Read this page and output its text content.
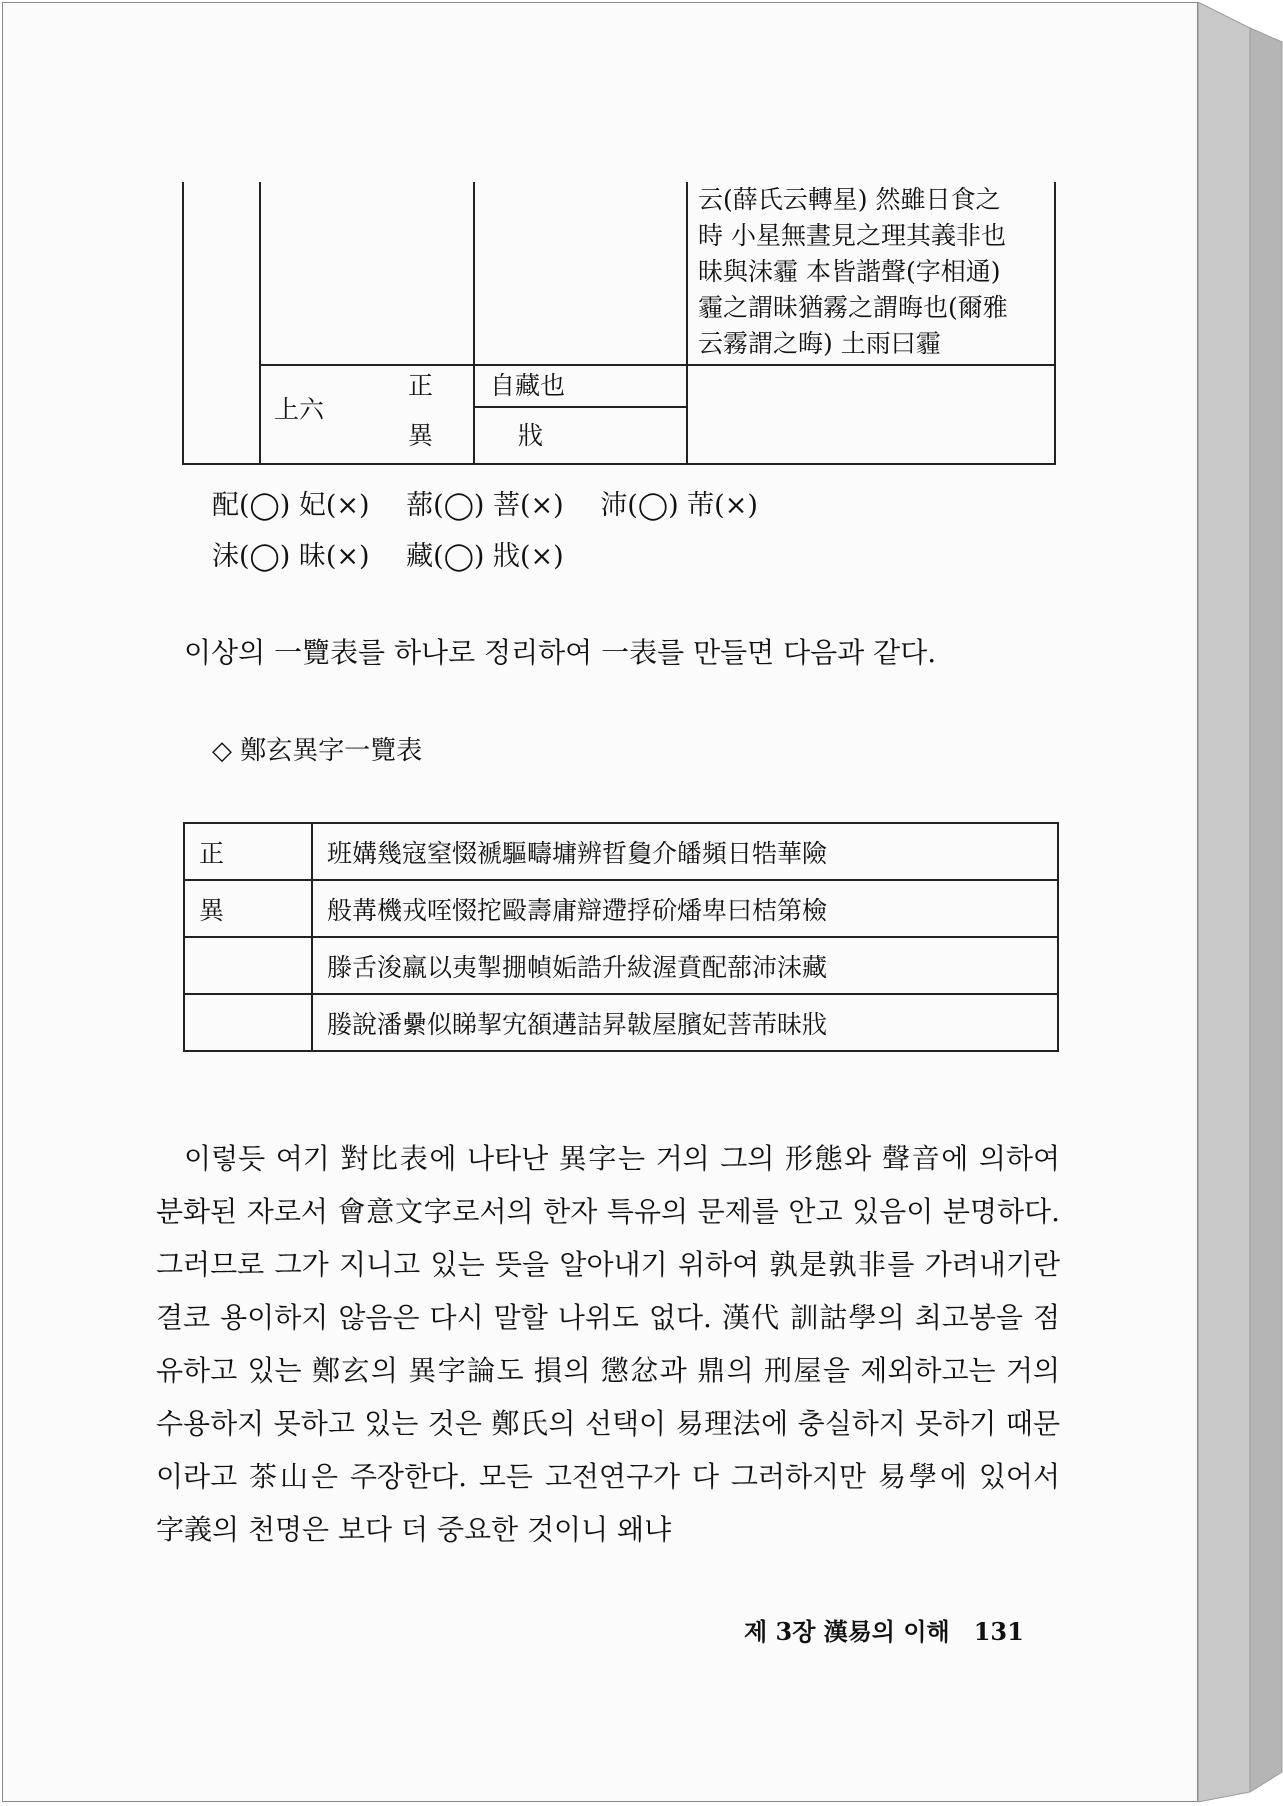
云(薛氏云轉星) 然雖日食之
時 小星無晝見之理其義非也
昧與沬霾 本皆諧聲(字相通)
霾之謂昧猶霧之謂晦也(爾雅
云霧謂之晦) 土雨曰霾
上六
正 自藏也
異	戕
配(◯) 妃(×) 蔀(◯) 菩(×) 沛(◯) 芾(×)
沬(◯) 昧(×) 藏(◯) 戕(×)
이상의 一覽表를 하나로 정리하여 一表를 만들면 다음과 같다.
◇ 鄭玄異字一覽表
正	班媾幾寇窒惙褫驅疇墉辨晢敻介皤頻日牿華險
異	般冓機戎咥惙拕毆壽庸辯遰捊砎燔卑曰桔第檢
	滕舌浚羸以夷掣掤幀姤誥升紱渥賁配蔀沛沬藏
	媵說潘纍似睇挈宄頟遘詰昇韍屋臏妃菩芾昧戕
이렇듯 여기 對比表에 나타난 異字는 거의 그의 形態와 聲音에 의하여 분화된 자로서 會意文字로서의 한자 특유의 문제를 안고 있음이 분명하다. 그러므로 그가 지니고 있는 뜻을 알아내기 위하여 孰是孰非를 가려내기란 결코 용이하지 않음은 다시 말할 나위도 없다. 漢代 訓詁學의 최고봉을 점유하고 있는 鄭玄의 異字論도 損의 懲忿과 鼎의 刑屋을 제외하고는 거의 수용하지 못하고 있는 것은 鄭氏의 선택이 易理法에 충실하지 못하기 때문이라고 茶山은 주장한다. 모든 고전연구가 다 그러하지만 易學에 있어서 字義의 천명은 보다 더 중요한 것이니 왜냐
제 3장 漢易의 이해 131
